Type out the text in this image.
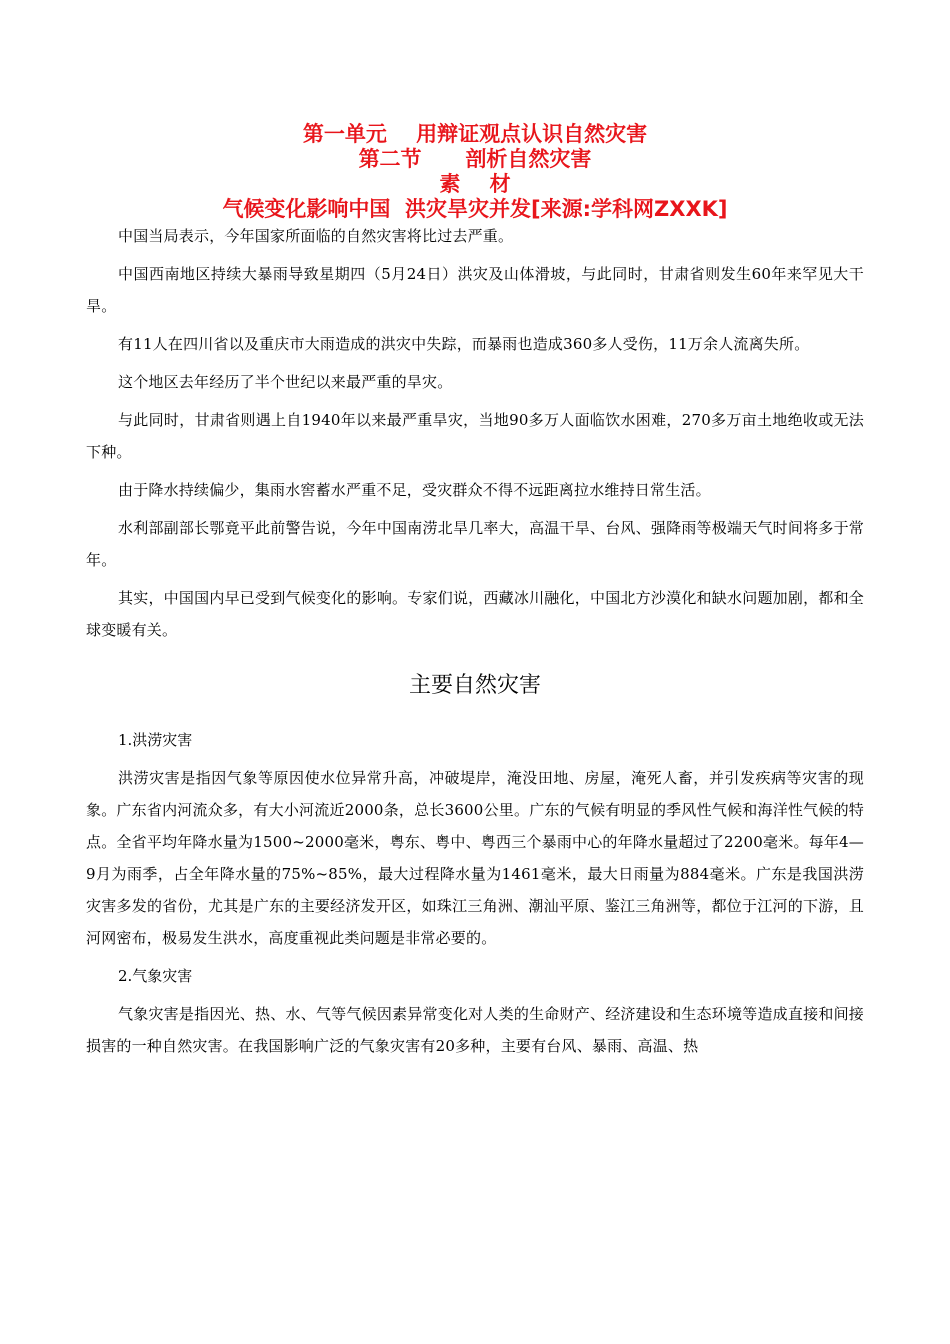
第一单元    用辩证观点认识自然灾害
第二节      剖析自然灾害
素    材
气候变化影响中国  洪灾旱灾并发[来源:学科网ZXXK]

中国当局表示，今年国家所面临的自然灾害将比过去严重。

中国西南地区持续大暴雨导致星期四（5月24日）洪灾及山体滑坡，与此同时，甘肃省则发生60年来罕见大干旱。

有11人在四川省以及重庆市大雨造成的洪灾中失踪，而暴雨也造成360多人受伤，11万余人流离失所。

这个地区去年经历了半个世纪以来最严重的旱灾。

与此同时，甘肃省则遇上自1940年以来最严重旱灾，当地90多万人面临饮水困难，270多万亩土地绝收或无法下种。

由于降水持续偏少，集雨水窖蓄水严重不足，受灾群众不得不远距离拉水维持日常生活。

水利部副部长鄂竟平此前警告说，今年中国南涝北旱几率大，高温干旱、台风、强降雨等极端天气时间将多于常年。

其实，中国国内早已受到气候变化的影响。专家们说，西藏冰川融化，中国北方沙漠化和缺水问题加剧，都和全球变暖有关。

主要自然灾害

1.洪涝灾害

洪涝灾害是指因气象等原因使水位异常升高，冲破堤岸，淹没田地、房屋，淹死人畜，并引发疾病等灾害的现象。广东省内河流众多，有大小河流近2000条，总长3600公里。广东的气候有明显的季风性气候和海洋性气候的特点。全省平均年降水量为1500~2000毫米，粤东、粤中、粤西三个暴雨中心的年降水量超过了2200毫米。每年4—9月为雨季，占全年降水量的75%~85%，最大过程降水量为1461毫米，最大日雨量为884毫米。广东是我国洪涝灾害多发的省份，尤其是广东的主要经济发开区，如珠江三角洲、潮汕平原、鉴江三角洲等，都位于江河的下游，且河网密布，极易发生洪水，高度重视此类问题是非常必要的。

2.气象灾害

气象灾害是指因光、热、水、气等气候因素异常变化对人类的生命财产、经济建设和生态环境等造成直接和间接损害的一种自然灾害。在我国影响广泛的气象灾害有20多种，主要有台风、暴雨、高温、热
